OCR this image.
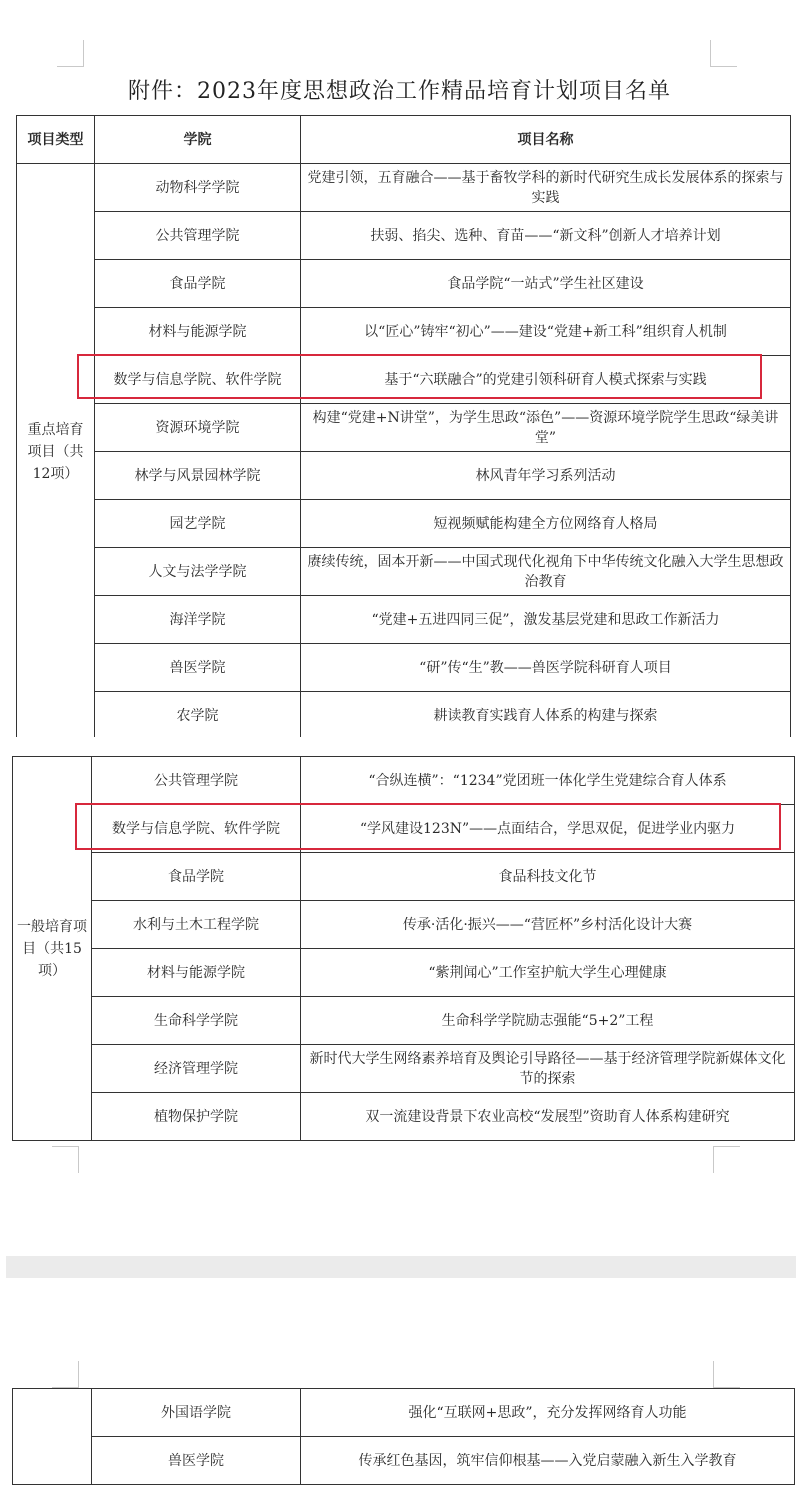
附件：2023年度思想政治工作精品培育计划项目名单
项目类型	学院	项目名称
重点培育项目（共12项）	动物科学学院	党建引领，五育融合——基于畜牧学科的新时代研究生成长发展体系的探索与实践
	公共管理学院	扶弱、掐尖、选种、育苗——“新文科”创新人才培养计划
	食品学院	食品学院“一站式”学生社区建设
	材料与能源学院	以“匠心”铸牢“初心”——建设“党建+新工科”组织育人机制
	数学与信息学院、软件学院	基于“六联融合”的党建引领科研育人模式探索与实践
	资源环境学院	构建“党建+N讲堂”，为学生思政“添色”——资源环境学院学生思政“绿美讲堂”
	林学与风景园林学院	林风青年学习系列活动
	园艺学院	短视频赋能构建全方位网络育人格局
	人文与法学学院	赓续传统，固本开新——中国式现代化视角下中华传统文化融入大学生思想政治教育
	海洋学院	“党建+五进四同三促”，激发基层党建和思政工作新活力
	兽医学院	“研”传“生”教——兽医学院科研育人项目
	农学院	耕读教育实践育人体系的构建与探索
一般培育项目（共15项）	公共管理学院	“合纵连横”：“1234”党团班一体化学生党建综合育人体系
	数学与信息学院、软件学院	“学风建设123N”——点面结合，学思双促，促进学业内驱力
	食品学院	食品科技文化节
	水利与土木工程学院	传承·活化·振兴——“营匠杯”乡村活化设计大赛
	材料与能源学院	“紫荆闻心”工作室护航大学生心理健康
	生命科学学院	生命科学学院励志强能“5+2”工程
	经济管理学院	新时代大学生网络素养培育及舆论引导路径——基于经济管理学院新媒体文化节的探索
	植物保护学院	双一流建设背景下农业高校“发展型”资助育人体系构建研究
	外国语学院	强化“互联网+思政”，充分发挥网络育人功能
	兽医学院	传承红色基因，筑牢信仰根基——入党启蒙融入新生入学教育
